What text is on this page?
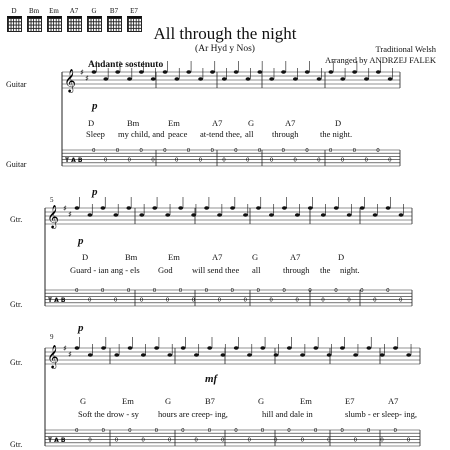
D	Bm	Em	A7	G	B7	E7
All through the night
(Ar Hyd y Nos)	Traditional Welsh
Arranged by ANDRZEJ FALEK
Andante sostenuto
Guitar
Guitar
Gtr.
Gtr.
Gtr.
Gtr.
5
9
p
p
p
p
mf
D	Bm	Em	A7	G	A7	D
Sleep my child, and peace at-tend thee, all through	the night.
D	Bm	Em	A7	G	A7	D
Guard - ian ang - els God will send thee all	through the night.
G	Em	G	B7	G	Em	E7	A7
Soft the drow - sy hours are creep- ing,	hill and dale in	slumb - er sleep- ing,
𝄞
T A B
♯
♯
0
0
0
0
0
0
0
0
0
0
0
0
0
0
0
0
0
0
0
0
0
0
0
0
0
0
𝄞
T A B
♯
♯
0
0
0
0
0
0
0
0
0
0
0
0
0
0
0
0
0
0
0
0
0
0
0
0
0
0
𝄞
T A B
♯
♯
0
0
0
0
0
0
0
0
0
0
0
0
0
0
0
0
0
0
0
0
0
0
0
0
0
0
